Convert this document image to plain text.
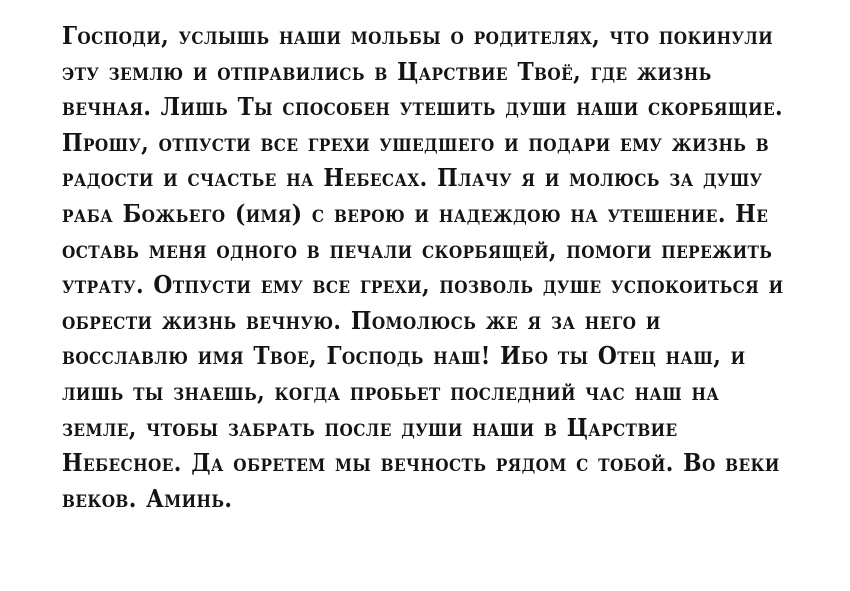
Господи, услышь наши мольбы о родителях, что покинули эту землю и отправились в Царствие Твоё, где жизнь вечная. Лишь Ты способен утешить души наши скорбящие. Прошу, отпусти все грехи ушедшего и подари ему жизнь в радости и счастье на Небесах. Плачу я и молюсь за душу раба Божьего (имя) с верою и надеждою на утешение. Не оставь меня одного в печали скорбящей, помоги пережить утрату. Отпусти ему все грехи, позволь душе успокоиться и обрести жизнь вечную. Помолюсь же я за него и восславлю имя Твое, Господь наш! Ибо ты Отец наш, и лишь ты знаешь, когда пробьет последний час наш на земле, чтобы забрать после души наши в Царствие Небесное. Да обретем мы вечность рядом с тобой. Во веки веков. Аминь.
